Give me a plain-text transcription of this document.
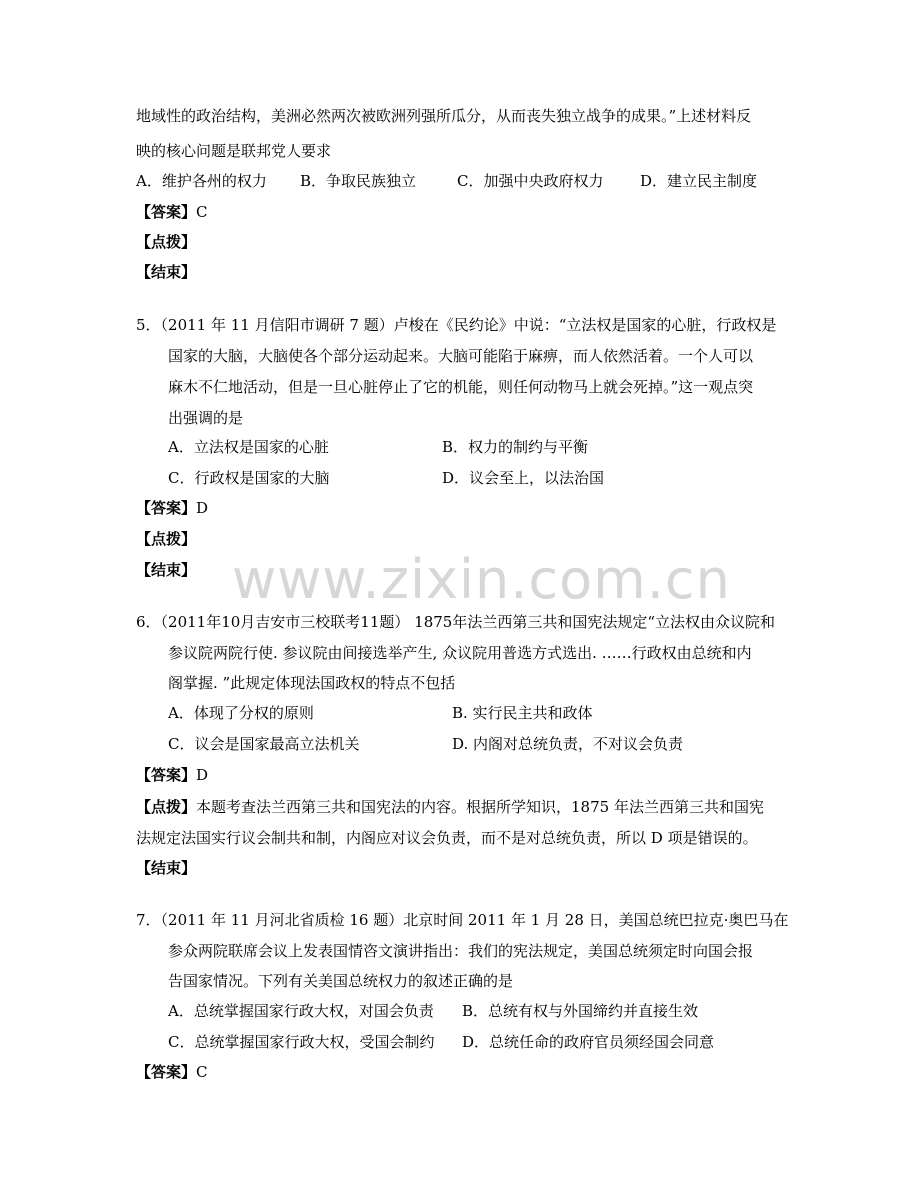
www.zixin.com.cn
地域性的政治结构，美洲必然两次被欧洲列强所瓜分，从而丧失独立战争的成果。”上述材料反
映的核心问题是联邦党人要求
A．维护各州的权力 B．争取民族独立	C．加强中央政府权力 D．建立民主制度
【答案】C
【点拨】
【结束】
5．（2011 年 11 月信阳市调研 7 题）卢梭在《民约论》中说：“立法权是国家的心脏，行政权是
国家的大脑，大脑使各个部分运动起来。大脑可能陷于麻痹，而人依然活着。一个人可以
麻木不仁地活动，但是一旦心脏停止了它的机能，则任何动物马上就会死掉。”这一观点突
出强调的是
A．立法权是国家的心脏	B．权力的制约与平衡
C．行政权是国家的大脑	D．议会至上，以法治国
【答案】D
【点拨】
【结束】
6．（2011年10月吉安市三校联考11题） 1875年法兰西第三共和国宪法规定“立法权由众议院和
参议院两院行使. 参议院由间接选举产生, 众议院用普选方式选出. ……行政权由总统和内
阁掌握. ”此规定体现法国政权的特点不包括
A．体现了分权的原则	B. 实行民主共和政体
C．议会是国家最高立法机关	D. 内阁对总统负责，不对议会负责
【答案】D
【点拨】本题考查法兰西第三共和国宪法的内容。根据所学知识，1875 年法兰西第三共和国宪
法规定法国实行议会制共和制，内阁应对议会负责，而不是对总统负责，所以 D 项是错误的。
【结束】
7．（2011 年 11 月河北省质检 16 题）北京时间 2011 年 1 月 28 日，美国总统巴拉克·奥巴马在
参众两院联席会议上发表国情咨文演讲指出：我们的宪法规定，美国总统须定时向国会报
告国家情况。下列有关美国总统权力的叙述正确的是
A．总统掌握国家行政大权，对国会负责 B．总统有权与外国缔约并直接生效
C．总统掌握国家行政大权，受国会制约 D．总统任命的政府官员须经国会同意
【答案】C
